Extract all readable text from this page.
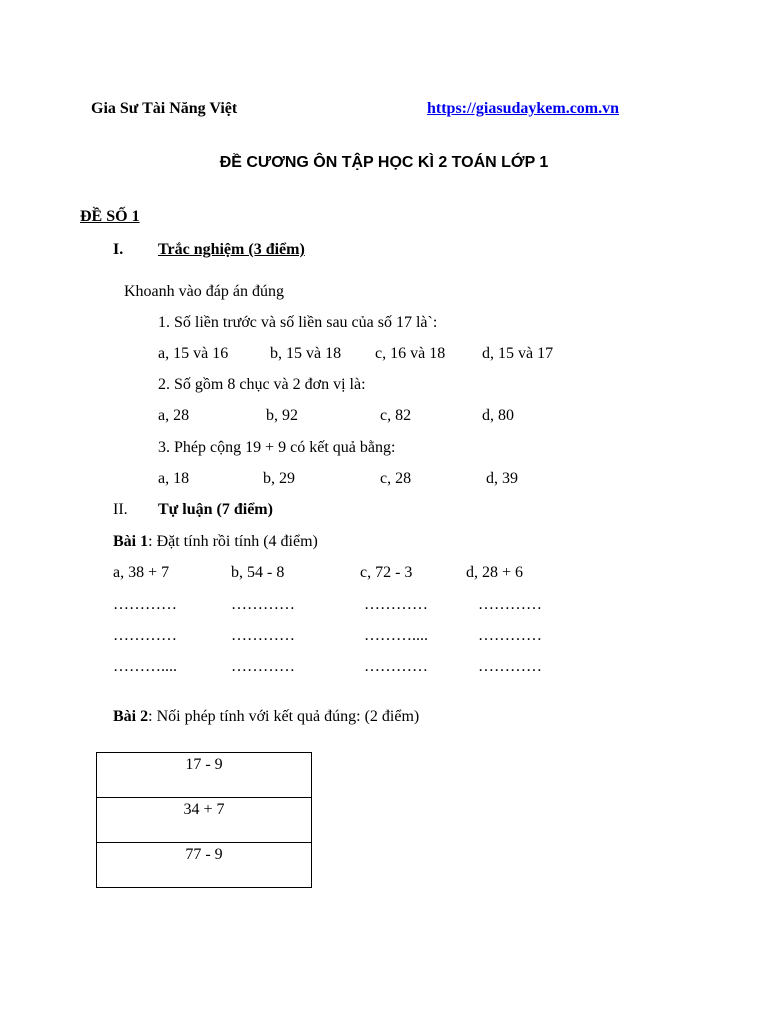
Gia Sư Tài Năng Việt	https://giasudaykem.com.vn
ĐỀ CƯƠNG ÔN TẬP HỌC KÌ 2 TOÁN LỚP 1
ĐỀ SỐ 1
I. Trắc nghiệm (3 điểm)
Khoanh vào đáp án đúng
1. Số liền trước và số liền sau của số 17 là`:
a, 15 và 16	b, 15 và 18 c, 16 và 18 d, 15 và 17
2. Số gồm 8 chục và 2 đơn vị là:
a, 28	b, 92	c, 82	d, 80
3. Phép cộng 19 + 9 có kết quả bằng:
a, 18	b, 29	c, 28	d, 39
II. Tự luận (7 điểm)
Bài 1: Đặt tính rồi tính (4 điểm)
a, 38 + 7	b, 54 - 8	c, 72 - 3	d, 28 + 6
…………	…………	…………	…………
…………	…………	………....	…………
………....	…………	…………	…………
Bài 2: Nối phép tính với kết quả đúng: (2 điểm)
17 - 9
34 + 7
77 - 9
